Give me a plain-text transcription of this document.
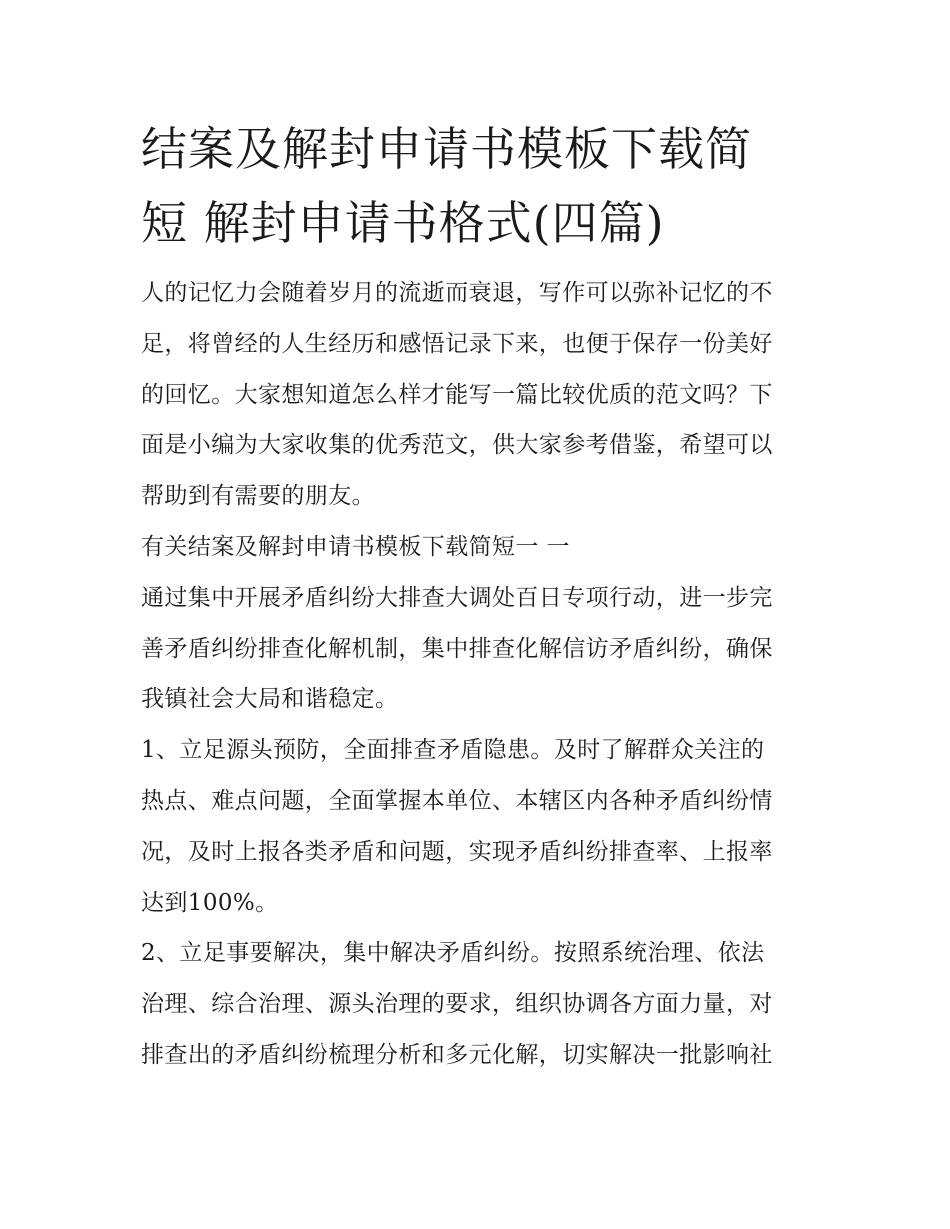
结案及解封申请书模板下载简
短 解封申请书格式(四篇)

人的记忆力会随着岁月的流逝而衰退，写作可以弥补记忆的不

足，将曾经的人生经历和感悟记录下来，也便于保存一份美好

的回忆。大家想知道怎么样才能写一篇比较优质的范文吗？下

面是小编为大家收集的优秀范文，供大家参考借鉴，希望可以

帮助到有需要的朋友。

有关结案及解封申请书模板下载简短一 一

通过集中开展矛盾纠纷大排查大调处百日专项行动，进一步完

善矛盾纠纷排查化解机制，集中排查化解信访矛盾纠纷，确保

我镇社会大局和谐稳定。

1、立足源头预防，全面排查矛盾隐患。及时了解群众关注的

热点、难点问题，全面掌握本单位、本辖区内各种矛盾纠纷情

况，及时上报各类矛盾和问题，实现矛盾纠纷排查率、上报率

达到100%。

2、立足事要解决，集中解决矛盾纠纷。按照系统治理、依法

治理、综合治理、源头治理的要求，组织协调各方面力量，对

排查出的矛盾纠纷梳理分析和多元化解，切实解决一批影响社
